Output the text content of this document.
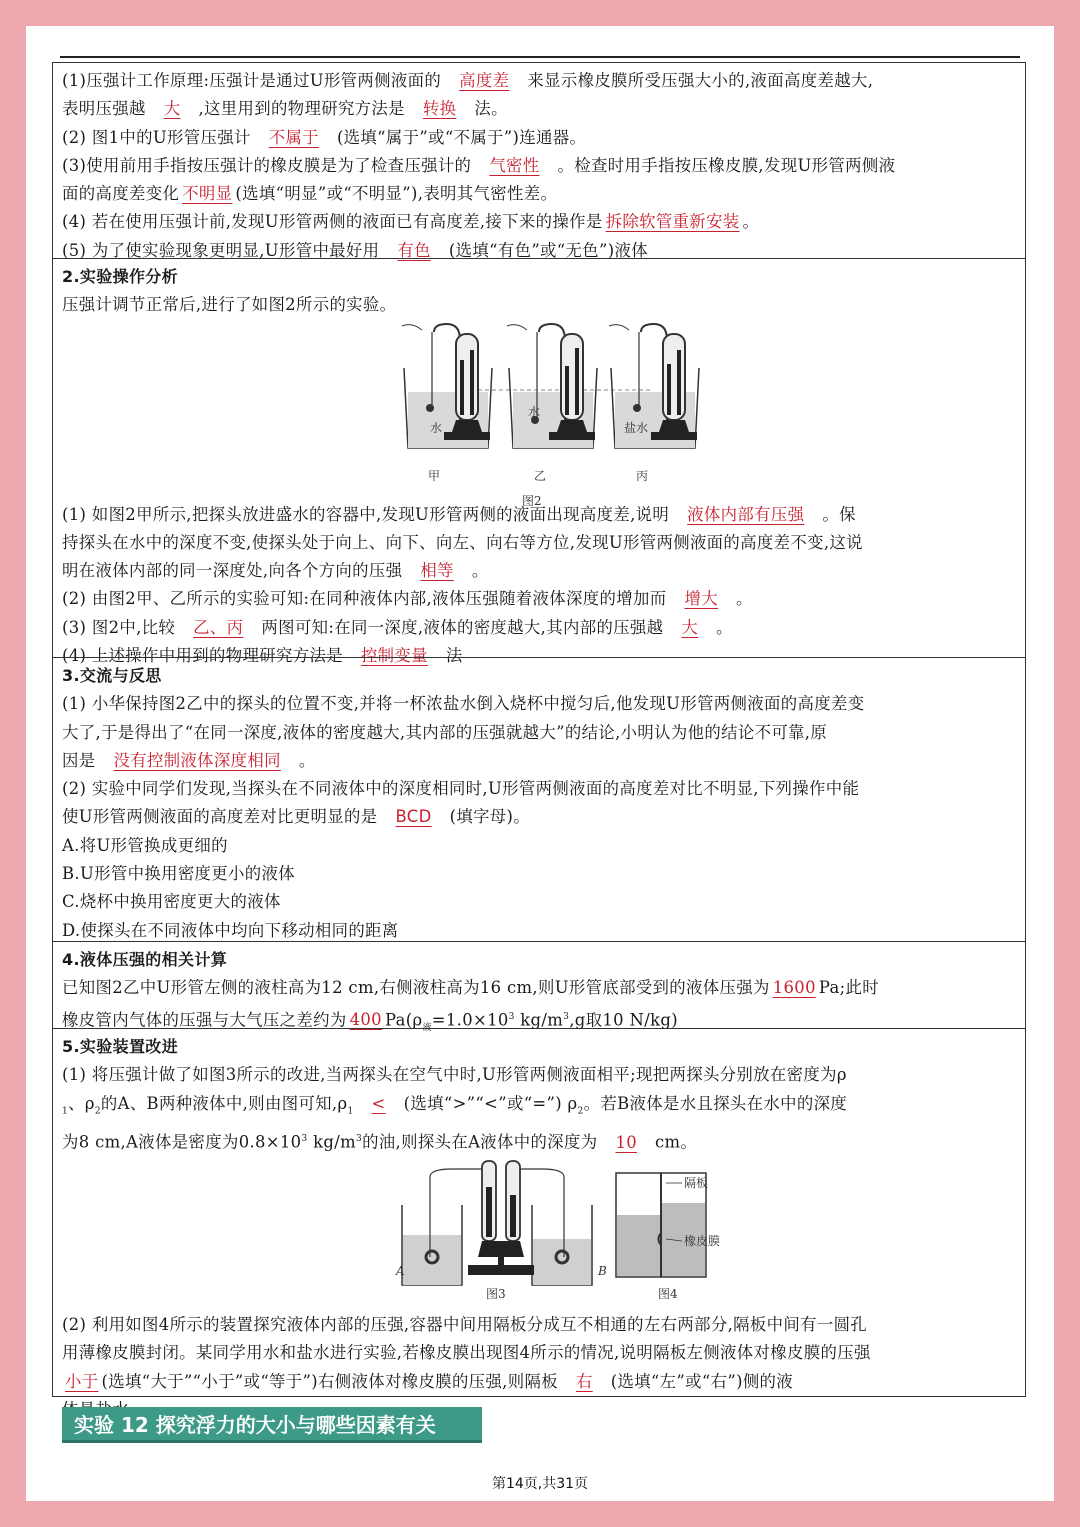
(1)压强计工作原理:压强计是通过U形管两侧液面的 高度差 来显示橡皮膜所受压强大小的,液面高度差越大,
表明压强越 大 ,这里用到的物理研究方法是 转换 法。
(2) 图1中的U形管压强计 不属于 (选填“属于”或“不属于”)连通器。
(3)使用前用手指按压强计的橡皮膜是为了检查压强计的 气密性 。检查时用手指按压橡皮膜,发现U形管两侧液
面的高度差变化 不明显 (选填“明显”或“不明显”),表明其气密性差。
(4) 若在使用压强计前,发现U形管两侧的液面已有高度差,接下来的操作是 拆除软管重新安装 。
(5) 为了使实验现象更明显,U形管中最好用 有色 (选填“有色”或“无色”)液体
2.实验操作分析
压强计调节正常后,进行了如图2所示的实验。
水
甲
水
乙
盐水
丙
图2
(1) 如图2甲所示,把探头放进盛水的容器中,发现U形管两侧的液面出现高度差,说明 液体内部有压强 。保
持探头在水中的深度不变,使探头处于向上、向下、向左、向右等方位,发现U形管两侧液面的高度差不变,这说
明在液体内部的同一深度处,向各个方向的压强 相等 。
(2) 由图2甲、乙所示的实验可知:在同种液体内部,液体压强随着液体深度的增加而 增大 。
(3) 图2中,比较 乙、丙 两图可知:在同一深度,液体的密度越大,其内部的压强越 大 。
(4) 上述操作中用到的物理研究方法是 控制变量 法
3.交流与反思
(1) 小华保持图2乙中的探头的位置不变,并将一杯浓盐水倒入烧杯中搅匀后,他发现U形管两侧液面的高度差变
大了,于是得出了“在同一深度,液体的密度越大,其内部的压强就越大”的结论,小明认为他的结论不可靠,原
因是 没有控制液体深度相同 。
(2) 实验中同学们发现,当探头在不同液体中的深度相同时,U形管两侧液面的高度差对比不明显,下列操作中能
使U形管两侧液面的高度差对比更明显的是 BCD (填字母)。
A.将U形管换成更细的
B.U形管中换用密度更小的液体
C.烧杯中换用密度更大的液体
D.使探头在不同液体中均向下移动相同的距离
4.液体压强的相关计算
已知图2乙中U形管左侧的液柱高为12 cm,右侧液柱高为16 cm,则U形管底部受到的液体压强为 1600 Pa;此时
橡皮管内气体的压强与大气压之差约为 400 $Pa(\rho_液=1.0\times 10^3$ $kg/m^3,g$取10 N/kg)
5.实验装置改进
(1) 将压强计做了如图3所示的改进,当两探头在空气中时,U形管两侧液面相平;现把两探头分别放在密度为ρ
$_1$、$\rho_2$的A、B两种液体中,则由图可知$,\rho_1$ < (选填“>”“<”或“=”) $\rho_2$。若B液体是水且探头在水中的深度
为8 cm,A液体是密度为$0.8\times 10^3$ $kg/m^3$的油,则探头在A液体中的深度为 10 cm。
A	B
图3
隔板
橡皮膜
图4
(2) 利用如图4所示的装置探究液体内部的压强,容器中间用隔板分成互不相通的左右两部分,隔板中间有一圆孔
用薄橡皮膜封闭。某同学用水和盐水进行实验,若橡皮膜出现图4所示的情况,说明隔板左侧液体对橡皮膜的压强
小于 (选填“大于”“小于”或“等于”)右侧液体对橡皮膜的压强,则隔板 右 (选填“左”或“右”)侧的液
实验 12 探究浮力的大小与哪些因素有关
第14页,共31页
